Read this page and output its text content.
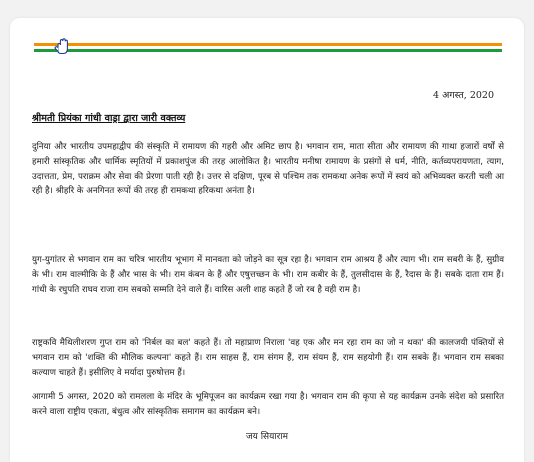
4 अगस्त, 2020
श्रीमती प्रियंका गांधी वाड्रा द्वारा जारी वक्तव्य

दुनिया और भारतीय उपमहाद्वीप की संस्कृति में रामायण की गहरी और अमिट छाप है। भगवान राम, माता सीता और रामायण की गाथा हजारों वर्षों से हमारी सांस्कृतिक और धार्मिक स्मृतियों में प्रकाशपुंज की तरह आलोकित है। भारतीय मनीषा रामायण के प्रसंगों से धर्म, नीति, कर्तव्यपरायणता, त्याग, उदात्तता, प्रेम, पराक्रम और सेवा की प्रेरणा पाती रही है। उत्तर से दक्षिण, पूरब से पश्चिम तक रामकथा अनेक रूपों में स्वयं को अभिव्यक्त करती चली आ रही है। श्रीहरि के अनगिनत रूपों की तरह ही रामकथा हरिकथा अनंता है।

युग-युगांतर से भगवान राम का चरित्र भारतीय भूभाग में मानवता को जोड़ने का सूत्र रहा है। भगवान राम आश्रय हैं और त्याग भी। राम सबरी के हैं, सुग्रीव के भी। राम वाल्मीकि के हैं और भास के भी। राम कंबन के हैं और एषुत्तच्छन के भी। राम कबीर के हैं, तुलसीदास के हैं, रैदास के हैं। सबके दाता राम हैं। गांधी के रघुपति राघव राजा राम सबको सम्मति देने वाले हैं। वारिस अली शाह कहते हैं जो रब है वही राम है।

राष्ट्रकवि मैथिलीशरण गुप्त राम को 'निर्बल का बल' कहते हैं। तो महाप्राण निराला 'वह एक और मन रहा राम का जो न थका' की कालजयी पंक्तियों से भगवान राम को 'शक्ति की मौलिक कल्पना' कहते हैं। राम साहस हैं, राम संगम हैं, राम संयम हैं, राम सहयोगी हैं। राम सबके हैं। भगवान राम सबका कल्याण चाहते हैं। इसीलिए वे मर्यादा पुरुषोत्तम हैं।

आगामी 5 अगस्त, 2020 को रामलला के मंदिर के भूमिपूजन का कार्यक्रम रखा गया है। भगवान राम की कृपा से यह कार्यक्रम उनके संदेश को प्रसारित करने वाला राष्ट्रीय एकता, बंधुत्व और सांस्कृतिक समागम का कार्यक्रम बने।

जय सियाराम
